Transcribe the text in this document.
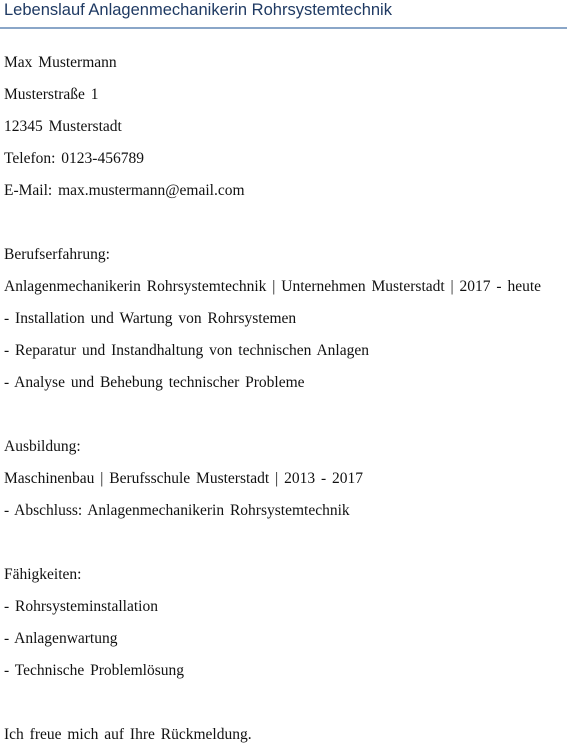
Lebenslauf Anlagenmechanikerin Rohrsystemtechnik
Max Mustermann
Musterstraße 1
12345 Musterstadt
Telefon: 0123-456789
E-Mail: max.mustermann@email.com
Berufserfahrung:
Anlagenmechanikerin Rohrsystemtechnik | Unternehmen Musterstadt | 2017 - heute
- Installation und Wartung von Rohrsystemen
- Reparatur und Instandhaltung von technischen Anlagen
- Analyse und Behebung technischer Probleme
Ausbildung:
Maschinenbau | Berufsschule Musterstadt | 2013 - 2017
- Abschluss: Anlagenmechanikerin Rohrsystemtechnik
Fähigkeiten:
- Rohrsysteminstallation
- Anlagenwartung
- Technische Problemlösung
Ich freue mich auf Ihre Rückmeldung.
